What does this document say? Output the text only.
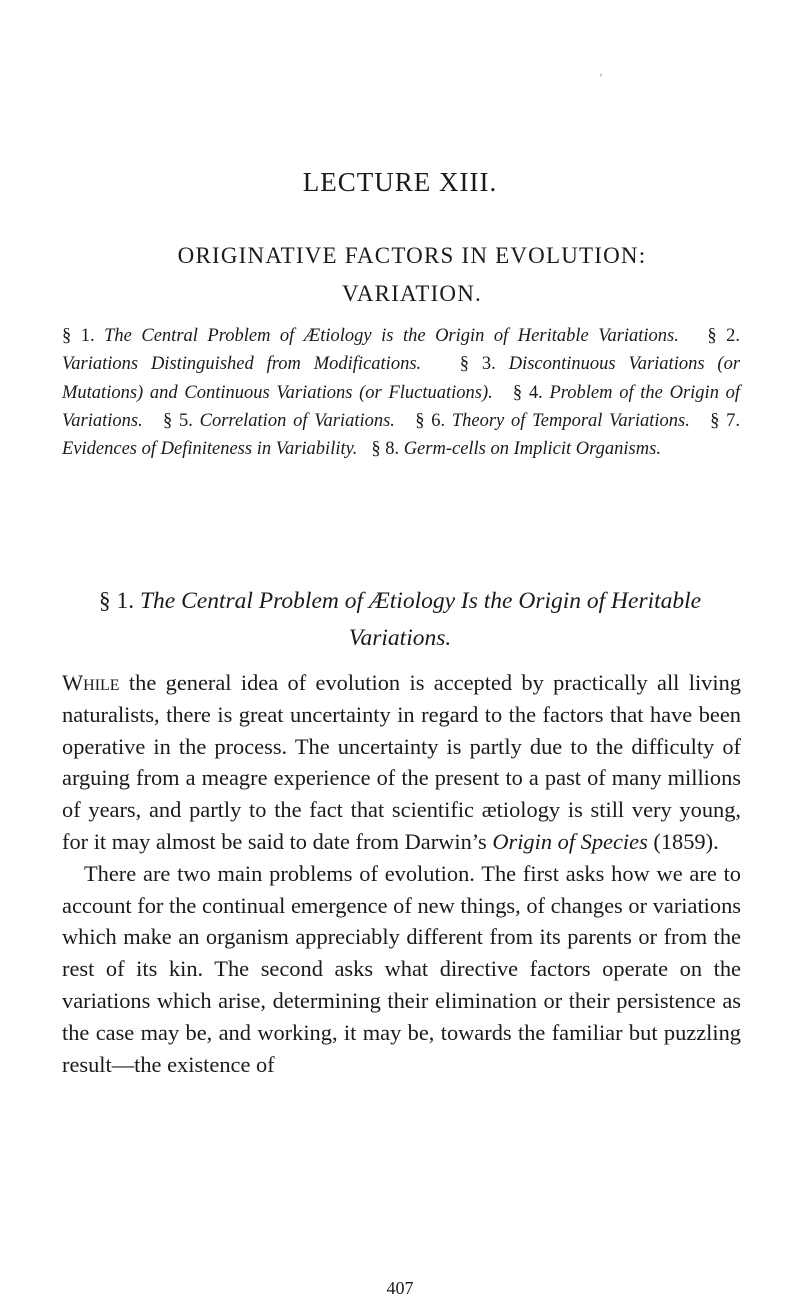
’
LECTURE XIII.
ORIGINATIVE FACTORS IN EVOLUTION:
VARIATION.
§ 1. The Central Problem of Ætiology is the Origin of Heritable Variations. § 2. Variations Distinguished from Modifications. § 3. Discontinuous Variations (or Mutations) and Continuous Variations (or Fluctuations). § 4. Problem of the Origin of Variations. § 5. Correlation of Variations. § 6. Theory of Temporal Variations. § 7. Evidences of Definiteness in Variability. § 8. Germ-cells on Implicit Organisms.
§ 1. The Central Problem of Ætiology Is the Origin of Heritable Variations.

While the general idea of evolution is accepted by practically all living naturalists, there is great uncertainty in regard to the factors that have been operative in the process. The uncertainty is partly due to the difficulty of arguing from a meagre experience of the present to a past of many millions of years, and partly to the fact that scientific ætiology is still very young, for it may almost be said to date from Darwin’s Origin of Species (1859).

There are two main problems of evolution. The first asks how we are to account for the continual emergence of new things, of changes or variations which make an organism appreciably different from its parents or from the rest of its kin. The second asks what directive factors operate on the variations which arise, determining their elimination or their persistence as the case may be, and working, it may be, towards the familiar but puzzling result—the existence of

407
